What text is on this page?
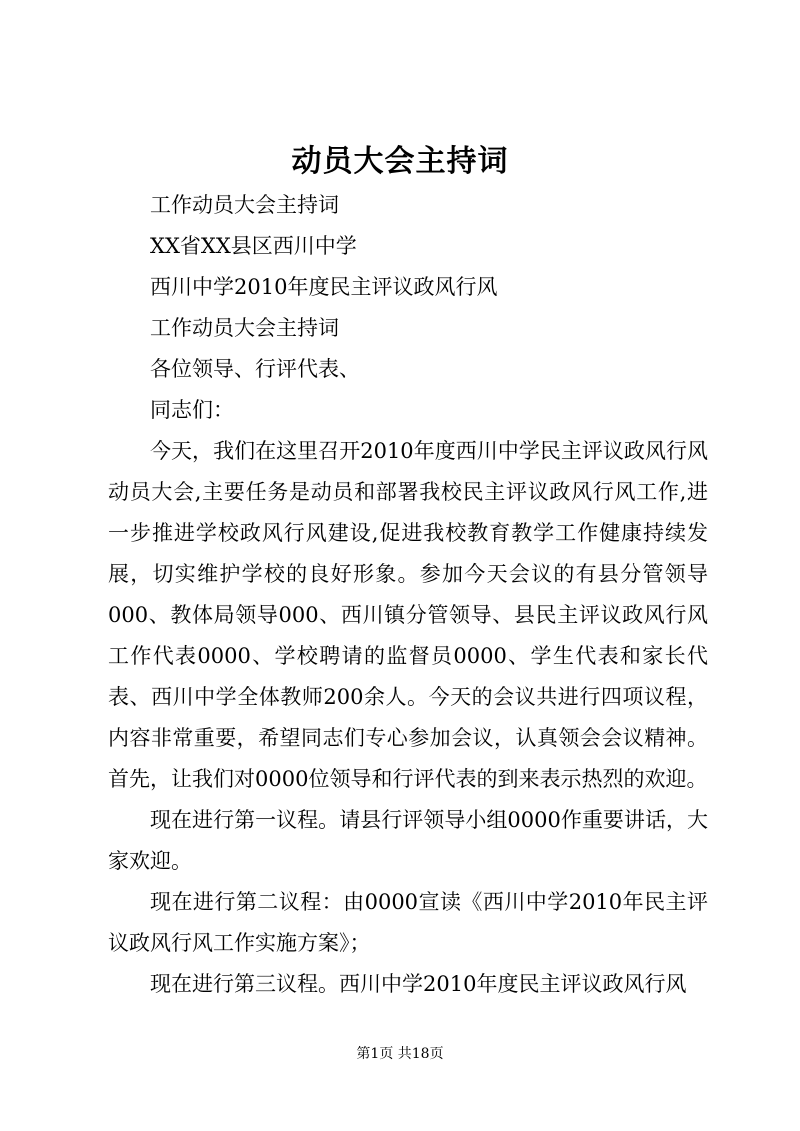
动员大会主持词
工作动员大会主持词
XX省XX县区西川中学
西川中学2010年度民主评议政风行风
工作动员大会主持词
各位领导、行评代表、
同志们：
今天，我们在这里召开2010年度西川中学民主评议政风行风动员大会,主要任务是动员和部署我校民主评议政风行风工作,进一步推进学校政风行风建设,促进我校教育教学工作健康持续发展，切实维护学校的良好形象。参加今天会议的有县分管领导000、教体局领导000、西川镇分管领导、县民主评议政风行风工作代表0000、学校聘请的监督员0000、学生代表和家长代表、西川中学全体教师200余人。今天的会议共进行四项议程，内容非常重要，希望同志们专心参加会议，认真领会会议精神。首先，让我们对0000位领导和行评代表的到来表示热烈的欢迎。
现在进行第一议程。请县行评领导小组0000作重要讲话，大家欢迎。
现在进行第二议程：由0000宣读《西川中学2010年民主评议政风行风工作实施方案》；
现在进行第三议程。西川中学2010年度民主评议政风行风
第1页 共18页
